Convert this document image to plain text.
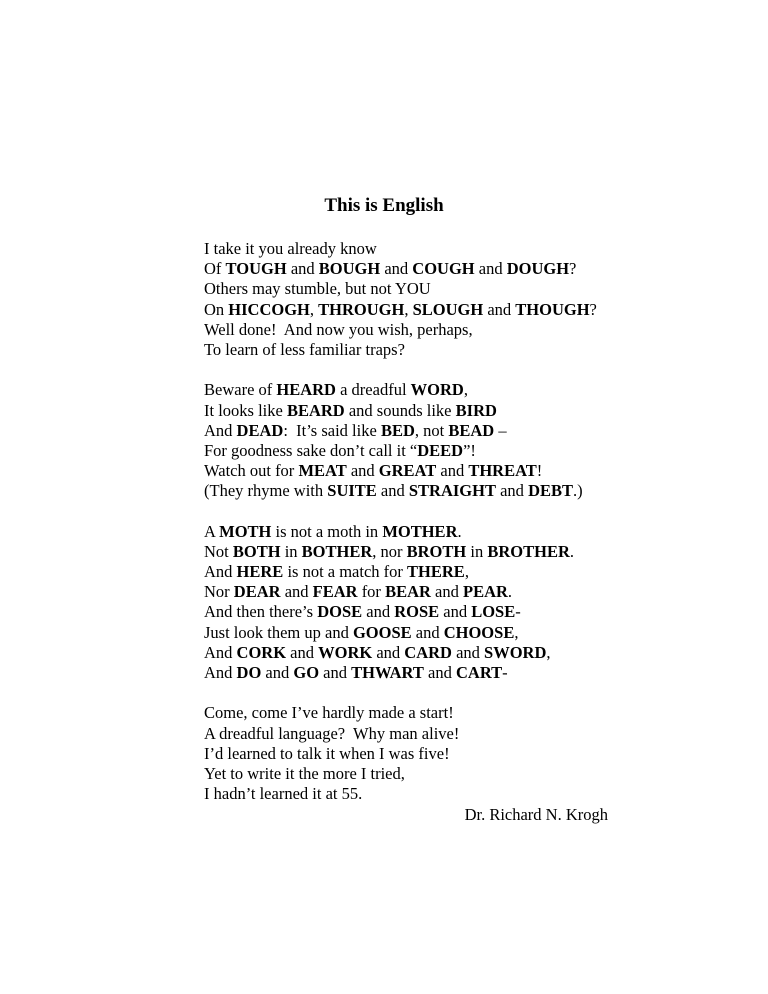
This is English
I take it you already know
Of TOUGH and BOUGH and COUGH and DOUGH?
Others may stumble, but not YOU
On HICCOGH, THROUGH, SLOUGH and THOUGH?
Well done!  And now you wish, perhaps,
To learn of less familiar traps?
Beware of HEARD a dreadful WORD,
It looks like BEARD and sounds like BIRD
And DEAD:  It’s said like BED, not BEAD –
For goodness sake don’t call it “DEED”!
Watch out for MEAT and GREAT and THREAT!
(They rhyme with SUITE and STRAIGHT and DEBT.)
A MOTH is not a moth in MOTHER.
Not BOTH in BOTHER, nor BROTH in BROTHER.
And HERE is not a match for THERE,
Nor DEAR and FEAR for BEAR and PEAR.
And then there’s DOSE and ROSE and LOSE-
Just look them up and GOOSE and CHOOSE,
And CORK and WORK and CARD and SWORD,
And DO and GO and THWART and CART-
Come, come I’ve hardly made a start!
A dreadful language?  Why man alive!
I’d learned to talk it when I was five!
Yet to write it the more I tried,
I hadn’t learned it at 55.
Dr. Richard N. Krogh
